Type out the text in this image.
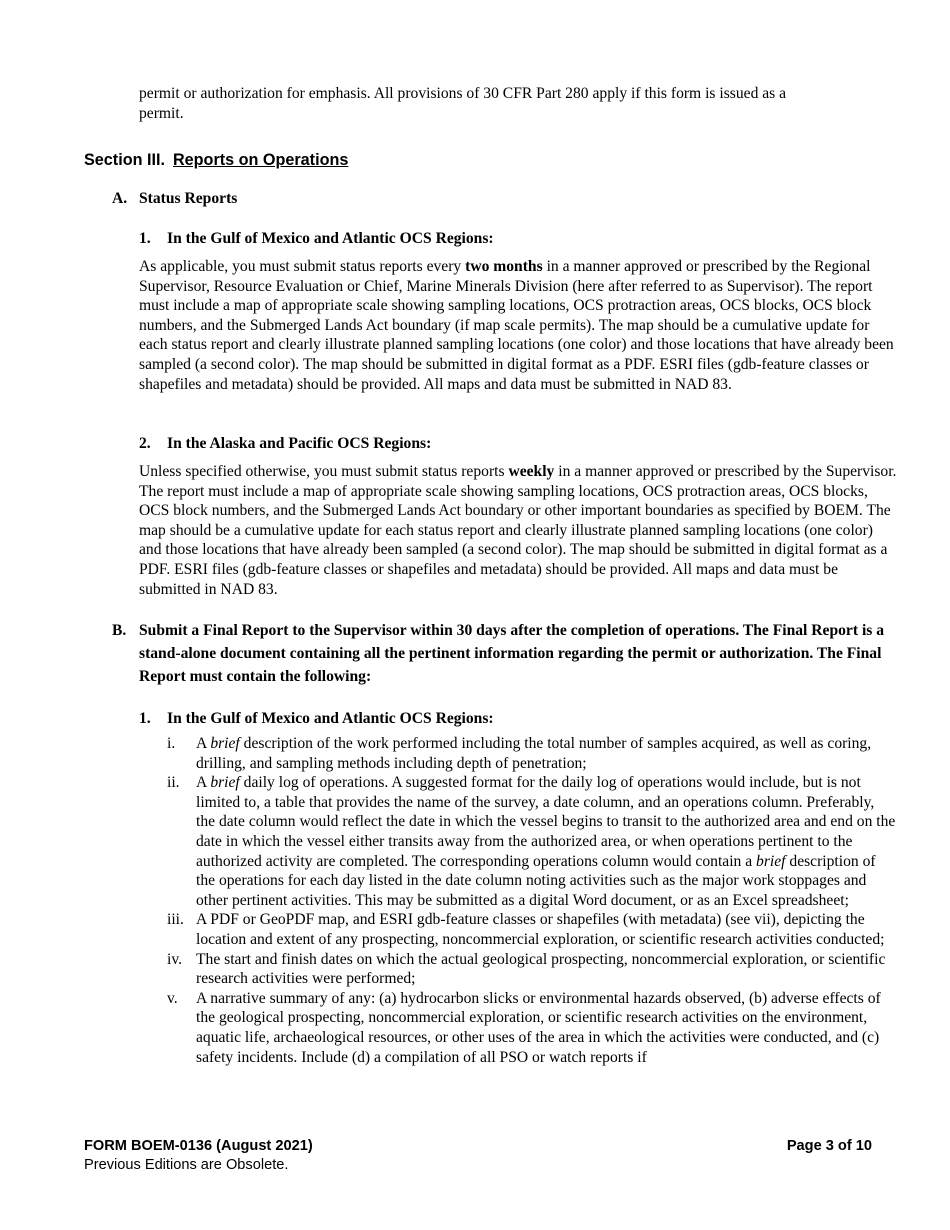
permit or authorization for emphasis. All provisions of 30 CFR Part 280 apply if this form is issued as a
permit.

Section III. Reports on Operations
A. Status Reports
1. In the Gulf of Mexico and Atlantic OCS Regions:

As applicable, you must submit status reports every two months in a manner approved or prescribed by the Regional Supervisor, Resource Evaluation or Chief, Marine Minerals Division (here after referred to as Supervisor). The report must include a map of appropriate scale showing sampling locations, OCS protraction areas, OCS blocks, OCS block numbers, and the Submerged Lands Act boundary (if map scale permits). The map should be a cumulative update for each status report and clearly illustrate planned sampling locations (one color) and those locations that have already been sampled (a second color). The map should be submitted in digital format as a PDF. ESRI files (gdb-feature classes or shapefiles and metadata) should be provided. All maps and data must be submitted in NAD 83.

2. In the Alaska and Pacific OCS Regions:

Unless specified otherwise, you must submit status reports weekly in a manner approved or prescribed by the Supervisor. The report must include a map of appropriate scale showing sampling locations, OCS protraction areas, OCS blocks, OCS block numbers, and the Submerged Lands Act boundary or other important boundaries as specified by BOEM. The map should be a cumulative update for each status report and clearly illustrate planned sampling locations (one color) and those locations that have already been sampled (a second color). The map should be submitted in digital format as a PDF. ESRI files (gdb-feature classes or shapefiles and metadata) should be provided. All maps and data must be submitted in NAD 83.

B. Submit a Final Report to the Supervisor within 30 days after the completion of operations. The Final Report is a stand-alone document containing all the pertinent information regarding the permit or authorization. The Final Report must contain the following:
1. In the Gulf of Mexico and Atlantic OCS Regions:
i. A brief description of the work performed including the total number of samples acquired, as well as coring, drilling, and sampling methods including depth of penetration;
ii. A brief daily log of operations. A suggested format for the daily log of operations would include, but is not limited to, a table that provides the name of the survey, a date column, and an operations column. Preferably, the date column would reflect the date in which the vessel begins to transit to the authorized area and end on the date in which the vessel either transits away from the authorized area, or when operations pertinent to the authorized activity are completed. The corresponding operations column would contain a brief description of the operations for each day listed in the date column noting activities such as the major work stoppages and other pertinent activities. This may be submitted as a digital Word document, or as an Excel spreadsheet;
iii. A PDF or GeoPDF map, and ESRI gdb-feature classes or shapefiles (with metadata) (see vii), depicting the location and extent of any prospecting, noncommercial exploration, or scientific research activities conducted;
iv. The start and finish dates on which the actual geological prospecting, noncommercial exploration, or scientific research activities were performed;
v. A narrative summary of any: (a) hydrocarbon slicks or environmental hazards observed, (b) adverse effects of the geological prospecting, noncommercial exploration, or scientific research activities on the environment, aquatic life, archaeological resources, or other uses of the area in which the activities were conducted, and (c) safety incidents. Include (d) a compilation of all PSO or watch reports if
FORM BOEM-0136 (August 2021)
Previous Editions are Obsolete.
Page 3 of 10
